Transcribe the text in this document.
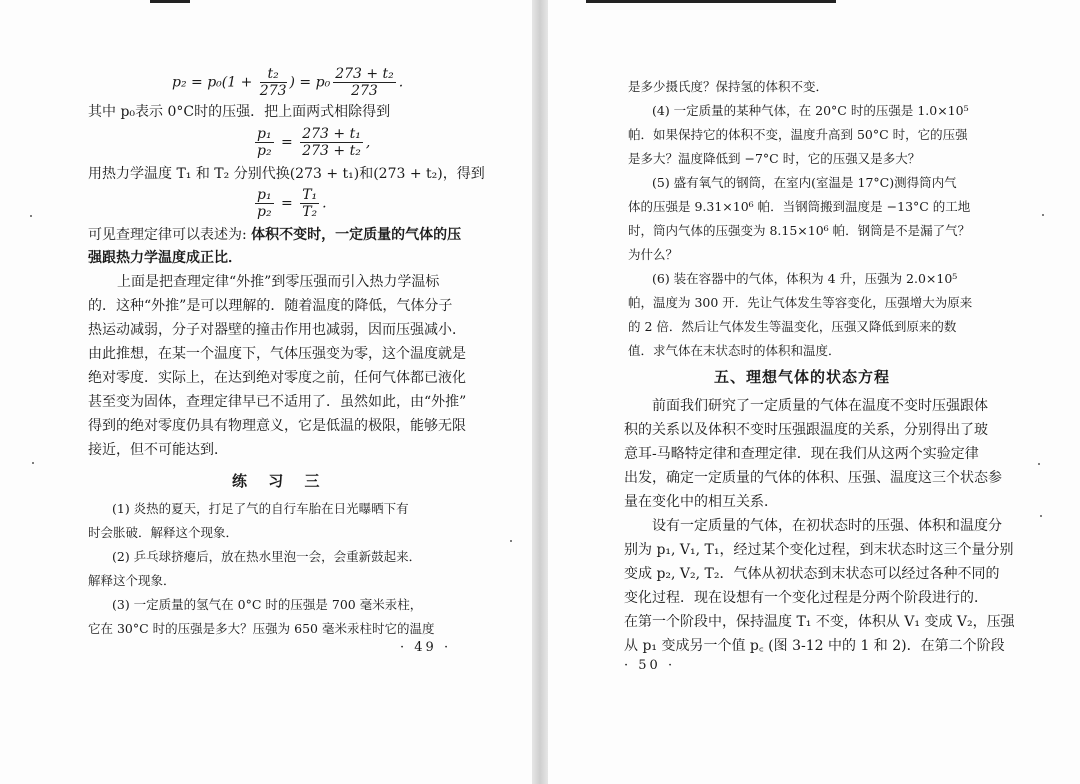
$p_2 = p_0(1 + \frac{\text{t₂}}{273}$ ) = $p_0 \frac{\text{273 + t₂}}{273}$ .
其中 p₀表示 0°C时的压强．把上面两式相除得到
$\frac{\text{p₁}}{\text{p₂}} = \frac{\text{273 + t₁}}{\text{273 + t₂}}$ ,
用热力学温度 T₁ 和 T₂ 分别代换(273 + t₁)和(273 + t₂)，得到
$\frac{\text{p₁}}{\text{p₂}} = \frac{\text{T₁}}{\text{T₂}}$ .
可见查理定律可以表述为: 体积不变时，一定质量的气体的压
强跟热力学温度成正比．
上面是把查理定律“外推”到零压强而引入热力学温标
的．这种“外推”是可以理解的．随着温度的降低，气体分子
热运动减弱，分子对器壁的撞击作用也减弱，因而压强减小．
由此推想，在某一个温度下，气体压强变为零，这个温度就是
绝对零度．实际上，在达到绝对零度之前，任何气体都已液化
甚至变为固体，查理定律早已不适用了．虽然如此，由“外推”
得到的绝对零度仍具有物理意义，它是低温的极限，能够无限
接近，但不可能达到．
练 习 三
(1) 炎热的夏天，打足了气的自行车胎在日光曝晒下有
时会胀破．解释这个现象．
(2) 乒乓球挤瘪后，放在热水里泡一会，会重新鼓起来．
解释这个现象．
(3) 一定质量的氢气在 0°C 时的压强是 700 毫米汞柱，
它在 30°C 时的压强是多大？压强为 650 毫米汞柱时它的温度
· 49 ·
是多少摄氏度？保持氢的体积不变．
(4) 一定质量的某种气体，在 20°C 时的压强是 1.0×10⁵
帕．如果保持它的体积不变，温度升高到 50°C 时，它的压强
是多大？温度降低到 −7°C 时，它的压强又是多大？
(5) 盛有氧气的钢筒，在室内(室温是 17°C)测得筒内气
体的压强是 9.31×10⁶ 帕．当钢筒搬到温度是 −13°C 的工地
时，筒内气体的压强变为 8.15×10⁶ 帕．钢筒是不是漏了气？
为什么？
(6) 装在容器中的气体，体积为 4 升，压强为 2.0×10⁵
帕，温度为 300 开．先让气体发生等容变化，压强增大为原来
的 2 倍．然后让气体发生等温变化，压强又降低到原来的数
值．求气体在末状态时的体积和温度．
五、理想气体的状态方程
前面我们研究了一定质量的气体在温度不变时压强跟体
积的关系以及体积不变时压强跟温度的关系，分别得出了玻
意耳-马略特定律和查理定律．现在我们从这两个实验定律
出发，确定一定质量的气体的体积、压强、温度这三个状态参
量在变化中的相互关系．
设有一定质量的气体，在初状态时的压强、体积和温度分
别为 p₁, V₁, T₁，经过某个变化过程，到末状态时这三个量分别
变成 p₂, V₂, T₂．气体从初状态到末状态可以经过各种不同的
变化过程．现在设想有一个变化过程是分两个阶段进行的．
在第一个阶段中，保持温度 T₁ 不变，体积从 V₁ 变成 V₂，压强
从 p₁ 变成另一个值 p꜀ (图 3-12 中的 1 和 2)．在第二个阶段
· 50 ·
